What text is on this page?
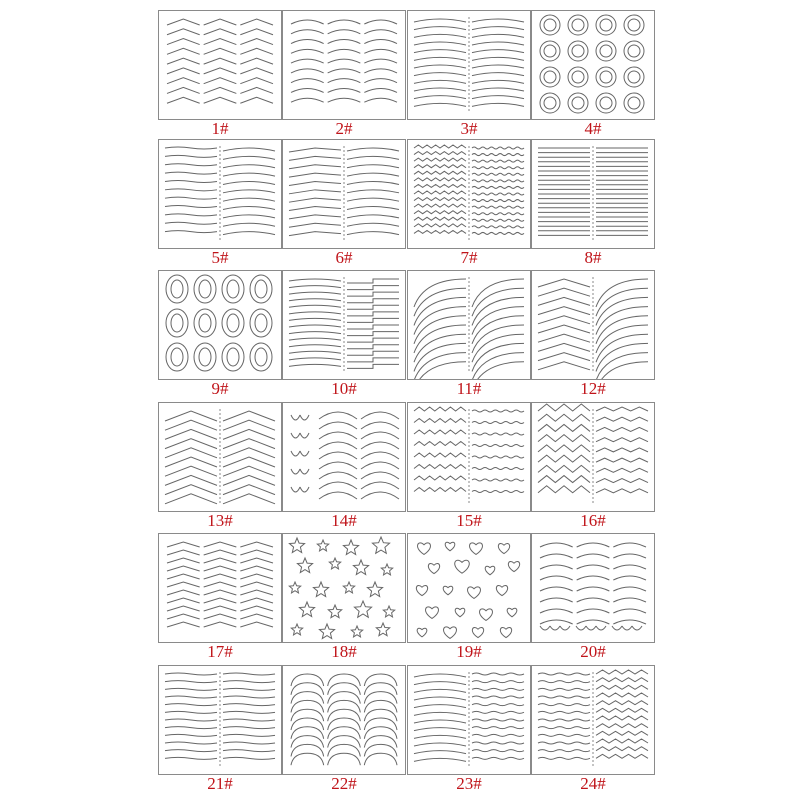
1#	2#	3#	4#
5#	6#	7#	8#
9#	10#	11#	12#
13#	14#	15#	16#
17#	18#	19#	20#
21#	22#	23#	24#
